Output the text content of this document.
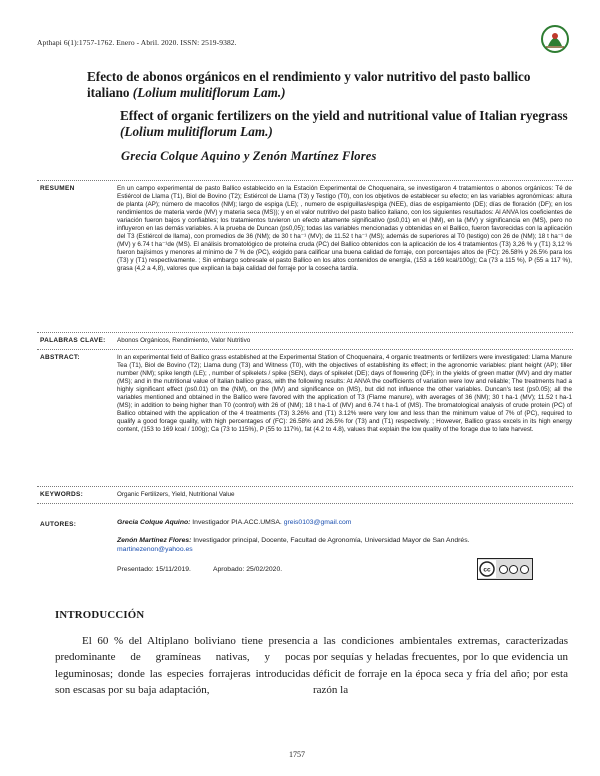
Apthapi 6(1):1757-1762. Enero - Abril. 2020. ISSN: 2519-9382.
Efecto de abonos orgánicos en el rendimiento y valor nutritivo del pasto ballico italiano (Lolium mulitiflorum Lam.)
Effect of organic fertilizers on the yield and nutritional value of Italian ryegrass (Lolium mulitiflorum Lam.)
Grecia Colque Aquino y Zenón Martínez Flores
RESUMEN	En un campo experimental de pasto Ballico establecido en la Estación Experimental de Choquenaira, se investigaron 4 tratamientos o abonos orgánicos: Té de Estiércol de Llama (T1), Biol de Bovino (T2); Estiércol de Llama (T3) y Testigo (T0), con los objetivos de establecer su efecto; en las variables agronómicas: altura de planta (AP); número de macollos (NM); largo de espiga (LE); , numero de espiguillas/espiga (NEE), días de espigamiento (DE); días de floración (DF); en los rendimientos de materia verde (MV) y materia seca (MS)); y en el valor nutritivo del pasto ballico italiano, con los siguientes resultados: Al ANVA los coeficientes de variación fueron bajos y confiables; los tratamientos tuvieron un efecto altamente significativo (ps0,01) en el (NM), en la (MV) y significancia en (MS), pero no influyeron en las demás variables. A la prueba de Duncan (ps0,05); todas las variables mencionadas y obtenidas en el Ballico, fueron favorecidas con la aplicación del T3 (Estiércol de llama), con promedios de 36 (NM); de 30 t ha⁻¹ (MV); de 11.52 t ha⁻¹ (MS); además de superiores al T0 (testigo) con 26 de (NM); 18 t ha⁻¹ de (MV) y 6.74 t ha⁻¹de (MS). El análisis bromatológico de proteína cruda (PC) del Ballico obtenidos con la aplicación de los 4 tratamientos (T3) 3,26 % y (T1) 3,12 % fueron bajísimos y menores al mínimo de 7 % de (PC), exigido para calificar una buena calidad de forraje, con porcentajes altos de (FC): 26.58% y 26.5% para los (T3) y (T1) respectivamente. ; Sin embargo sobresale el pasto Ballico en los altos contenidos de energía, (153 a 169 kcal/100g); Ca (73 a 115 %), P (55 a 117 %), grasa (4,2 a 4,8), valores que explican la baja calidad del forraje por la cosecha tardía.
PALABRAS CLAVE: Abonos Orgánicos, Rendimiento, Valor Nutritivo
ABSTRACT:	In an experimental field of Ballico grass established at the Experimental Station of Choquenaira, 4 organic treatments or fertilizers were investigated: Llama Manure Tea (T1), Biol de Bovino (T2); Llama dung (T3) and Witness (T0), with the objectives of establishing its effect; in the agronomic variables: plant height (AP); tiller number (NM); spike length (LE); , number of spikelets / spike (SEN), days of spikelet (DE); days of flowering (DF); in the yields of green matter (MV) and dry matter (MS); and in the nutritional value of Italian ballico grass, with the following results: At ANVA the coefficients of variation were low and reliable; The treatments had a highly significant effect (ps0.01) on the (NM), on the (MV) and significance on (MS), but did not influence the other variables. Duncan's test (ps0.05); all the variables mentioned and obtained in the Ballico were favored with the application of T3 (Flame manure), with averages of 36 (NM); 30 t ha-1 (MV); 11.52 t ha-1 (MS); in addition to being higher than T0 (control) with 26 of (NM); 18 t ha-1 of (MV) and 6.74 t ha-1 of (MS). The bromatological analysis of crude protein (PC) of Ballico obtained with the application of the 4 treatments (T3) 3.26% and (T1) 3.12% were very low and less than the minimum value of 7% of (PC), required to qualify a good forage quality, with high percentages of (FC): 26.58% and 26.5% for (T3) and (T1) respectively. ; However, Ballico grass excels in its high energy content, (153 to 169 kcal / 100g); Ca (73 to 115%), P (55 to 117%), fat (4.2 to 4.8), values that explain the low quality of the forage due to late harvest.
KEYWORDS:	Organic Fertilizers, Yield, Nutritional Value
AUTORES:	Grecia Colque Aquino: Investigador PIA.ACC.UMSA. greis0103@gmail.com
Zenón Martínez Flores: Investigador principal, Docente, Facultad de Agronomía, Universidad Mayor de San Andrés.
martinezenon@yahoo.es
Presentado: 15/11/2019.	Aprobado: 25/02/2020.	cc
INTRODUCCIÓN
El 60 % del Altiplano boliviano tiene presencia predominante de gramíneas nativas, y pocas leguminosas; donde las especies forrajeras introducidas son escasas por su baja adaptación,
a las condiciones ambientales extremas, caracterizadas por sequías y heladas frecuentes, por lo que evidencia un déficit de forraje en la época seca y fría del año; por esta razón la
1757
